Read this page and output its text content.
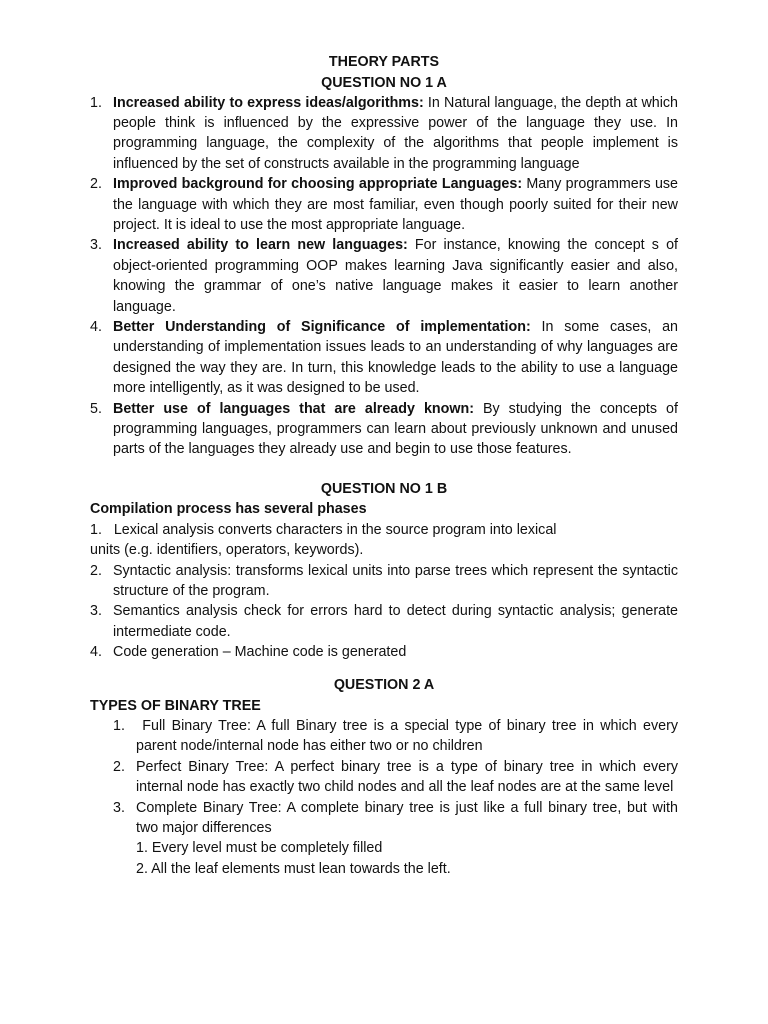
THEORY PARTS
QUESTION NO 1 A
1. Increased ability to express ideas/algorithms: In Natural language, the depth at which people think is influenced by the expressive power of the language they use. In programming language, the complexity of the algorithms that people implement is influenced by the set of constructs available in the programming language
2. Improved background for choosing appropriate Languages: Many programmers use the language with which they are most familiar, even though poorly suited for their new project. It is ideal to use the most appropriate language.
3. Increased ability to learn new languages: For instance, knowing the concept s of object-oriented programming OOP makes learning Java significantly easier and also, knowing the grammar of one’s native language makes it easier to learn another language.
4. Better Understanding of Significance of implementation: In some cases, an understanding of implementation issues leads to an understanding of why languages are designed the way they are. In turn, this knowledge leads to the ability to use a language more intelligently, as it was designed to be used.
5. Better use of languages that are already known: By studying the concepts of programming languages, programmers can learn about previously unknown and unused parts of the languages they already use and begin to use those features.
QUESTION NO 1 B
Compilation process has several phases
1.   Lexical analysis converts characters in the source program into lexical
units (e.g. identifiers, operators, keywords).
2. Syntactic analysis: transforms lexical units into parse trees which represent the syntactic structure of the program.
3. Semantics analysis check for errors hard to detect during syntactic analysis; generate intermediate code.
4. Code generation – Machine code is generated
QUESTION 2 A
TYPES OF BINARY TREE
1. Full Binary Tree: A full Binary tree is a special type of binary tree in which every parent node/internal node has either two or no children
2. Perfect Binary Tree: A perfect binary tree is a type of binary tree in which every internal node has exactly two child nodes and all the leaf nodes are at the same level
3. Complete Binary Tree: A complete binary tree is just like a full binary tree, but with two major differences
1. Every level must be completely filled
2. All the leaf elements must lean towards the left.
